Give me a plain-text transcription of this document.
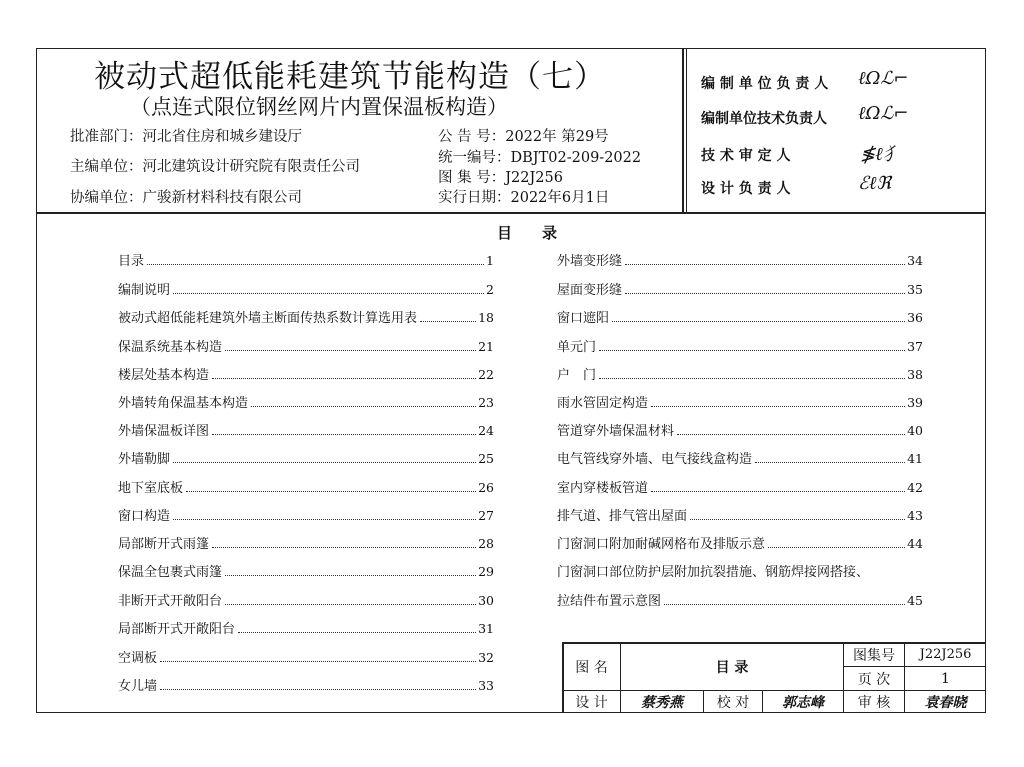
被动式超低能耗建筑节能构造（七）
（点连式限位钢丝网片内置保温板构造）
批准部门：河北省住房和城乡建设厅
主编单位：河北建筑设计研究院有限责任公司
协编单位：广骏新材料科技有限公司
公 告 号：2022年 第29号
统一编号：DBJT02-209-2022
图 集 号：J22J256
实行日期：2022年6月1日
编 制 单 位 负 责 人 ℓΩℒ⌐
编制单位技术负责人 ℓΩℒ⌐
技 术 审 定 人	≸ℓ犭
设 计 负 责 人	ℰℓℜ
目录
目录	1
编制说明	2
被动式超低能耗建筑外墙主断面传热系数计算选用表	18
保温系统基本构造	21
楼层处基本构造	22
外墙转角保温基本构造	23
外墙保温板详图	24
外墙勒脚	25
地下室底板	26
窗口构造	27
局部断开式雨篷	28
保温全包裹式雨篷	29
非断开式开敞阳台	30
局部断开式开敞阳台	31
空调板	32
女儿墙	33
外墙变形缝	34
屋面变形缝	35
窗口遮阳	36
单元门	37
户　门	38
雨水管固定构造	39
管道穿外墙保温材料	40
电气管线穿外墙、电气接线盒构造	41
室内穿楼板管道	42
排气道、排气管出屋面	43
门窗洞口附加耐碱网格布及排版示意	44
门窗洞口部位防护层附加抗裂措施、钢筋焊接网搭接、
拉结件布置示意图	45
图 名	目 录
图集号	J22J256
页 次	1
设 计	蔡秀燕	校 对	郭志峰	审 核	袁春晓
